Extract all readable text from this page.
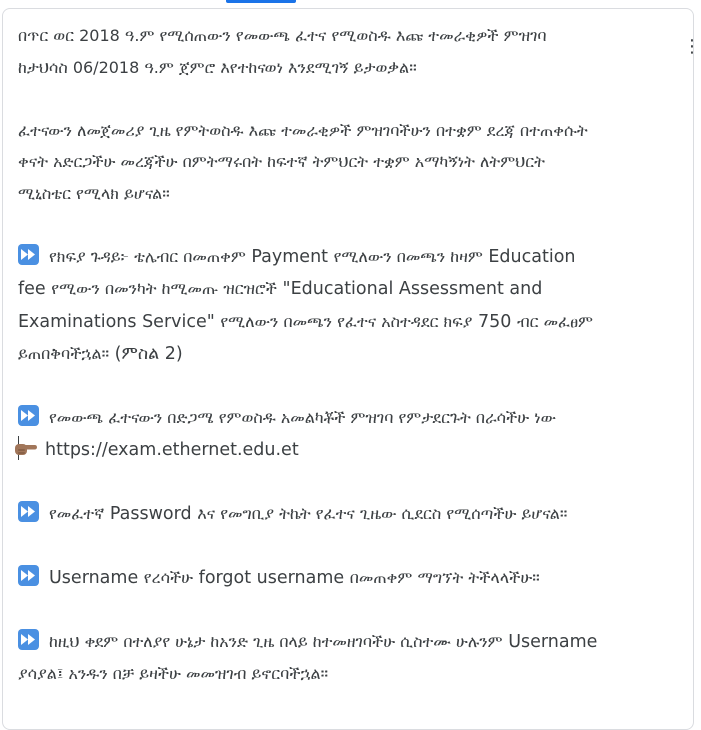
⋮

በጥር ወር 2018 ዓ.ም የሚሰጠውን የመውጫ ፈተና የሚወስዱ እጩ ተመራቂዎች ምዝገባ
ከታህሳስ 06/2018 ዓ.ም ጀምሮ እየተከናወነ እንደሚገኝ ይታወቃል።

ፈተናውን ለመጀመሪያ ጊዜ የምትወስዱ እጩ ተመራቂዎች ምዝገባችሁን በተቋም ደረጃ በተጠቀሱት
ቀናት አድርጋችሁ መረጃችሁ በምትማሩበት ከፍተኛ ትምህርት ተቋም አማካኝነት ለትምህርት
ሚኒስቴር የሚላክ ይሆናል።

የክፍያ ጉዳይ፦ ቴሌብር በመጠቀም Payment የሚለውን በመጫን ከዛም Education
fee የሚውን በመንካት ከሚመጡ ዝርዝሮች "Educational Assessment and
Examinations Service" የሚለውን በመጫን የፈተና አስተዳደር ክፍያ 750 ብር መፈፀም
ይጠበቅባችኋል። (ምስል 2)

የመውጫ ፈተናውን በድጋሜ የምወስዱ አመልካቾች ምዝገባ የምታደርጉት በራሳችሁ ነው
https://exam.ethernet.edu.et

የመፈተኛ Password እና የመግቢያ ትኬት የፈተና ጊዜው ሲደርስ የሚሰጣችሁ ይሆናል።

Username የረሳችሁ forgot username በመጠቀም ማግኘት ትችላላችሁ።

ከዚህ ቀደም በተለያየ ሁኔታ ከአንድ ጊዜ በላይ ከተመዘገባችሁ ሲስተሙ ሁሉንም Username
ያሳያል፤ አንዱን በቻ ይዛችሁ መመዝገብ ይኖርባችኋል።
